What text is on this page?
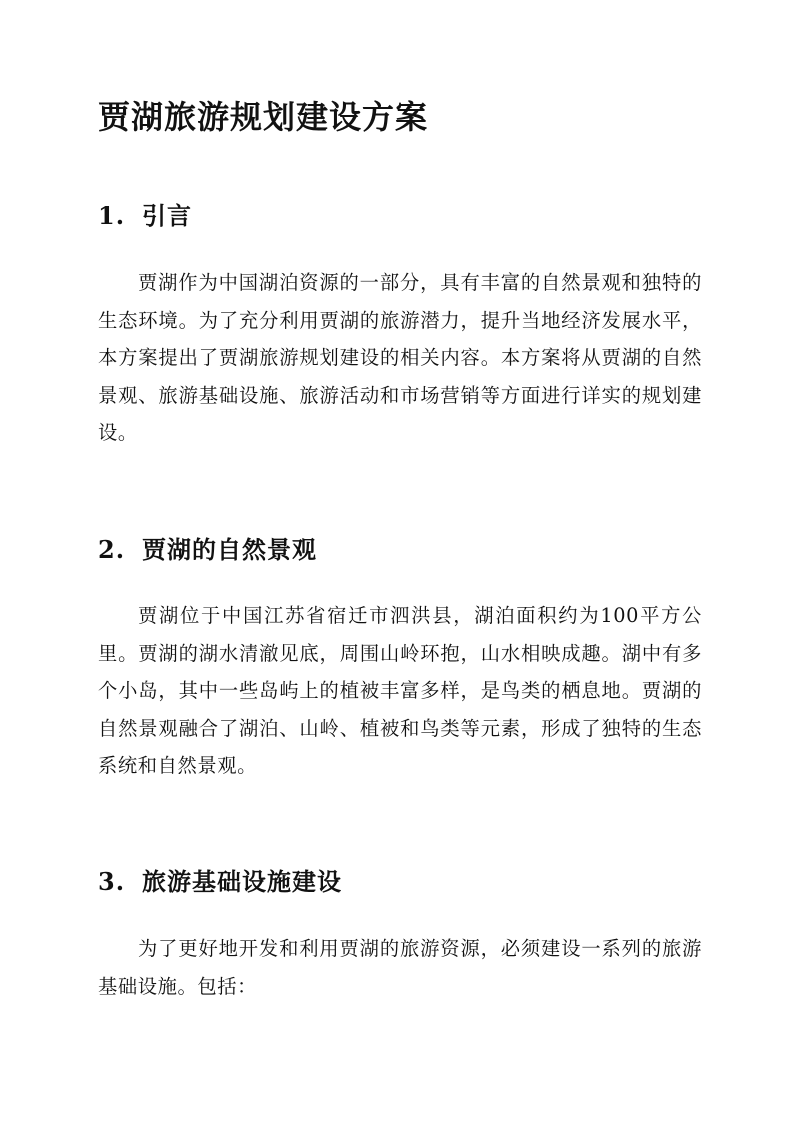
贾湖旅游规划建设方案
1. 引言

贾湖作为中国湖泊资源的一部分，具有丰富的自然景观和独特的生态环境。为了充分利用贾湖的旅游潜力，提升当地经济发展水平，本方案提出了贾湖旅游规划建设的相关内容。本方案将从贾湖的自然景观、旅游基础设施、旅游活动和市场营销等方面进行详实的规划建设。

2. 贾湖的自然景观

贾湖位于中国江苏省宿迁市泗洪县，湖泊面积约为100平方公里。贾湖的湖水清澈见底，周围山岭环抱，山水相映成趣。湖中有多个小岛，其中一些岛屿上的植被丰富多样，是鸟类的栖息地。贾湖的自然景观融合了湖泊、山岭、植被和鸟类等元素，形成了独特的生态系统和自然景观。

3. 旅游基础设施建设

为了更好地开发和利用贾湖的旅游资源，必须建设一系列的旅游基础设施。包括：
